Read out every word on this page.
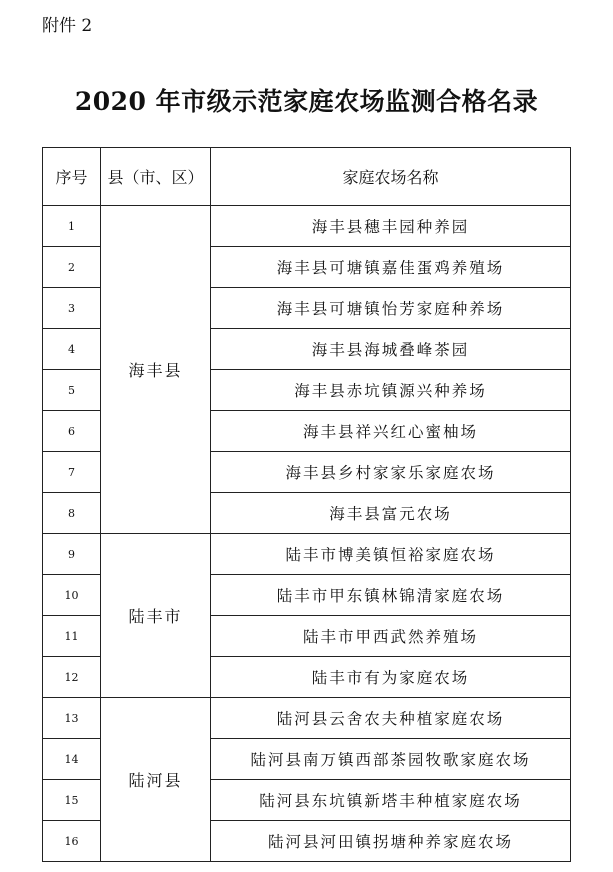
附件 2
2020 年市级示范家庭农场监测合格名录
序号	县（市、区）	家庭农场名称
1	海丰县	海丰县穗丰园种养园
2		海丰县可塘镇嘉佳蛋鸡养殖场
3		海丰县可塘镇怡芳家庭种养场
4		海丰县海城叠峰茶园
5		海丰县赤坑镇源兴种养场
6		海丰县祥兴红心蜜柚场
7		海丰县乡村家家乐家庭农场
8		海丰县富元农场
9	陆丰市	陆丰市博美镇恒裕家庭农场
10		陆丰市甲东镇林锦清家庭农场
11		陆丰市甲西武然养殖场
12		陆丰市有为家庭农场
13	陆河县	陆河县云舍农夫种植家庭农场
14		陆河县南万镇西部茶园牧歌家庭农场
15		陆河县东坑镇新塔丰种植家庭农场
16		陆河县河田镇拐塘种养家庭农场
